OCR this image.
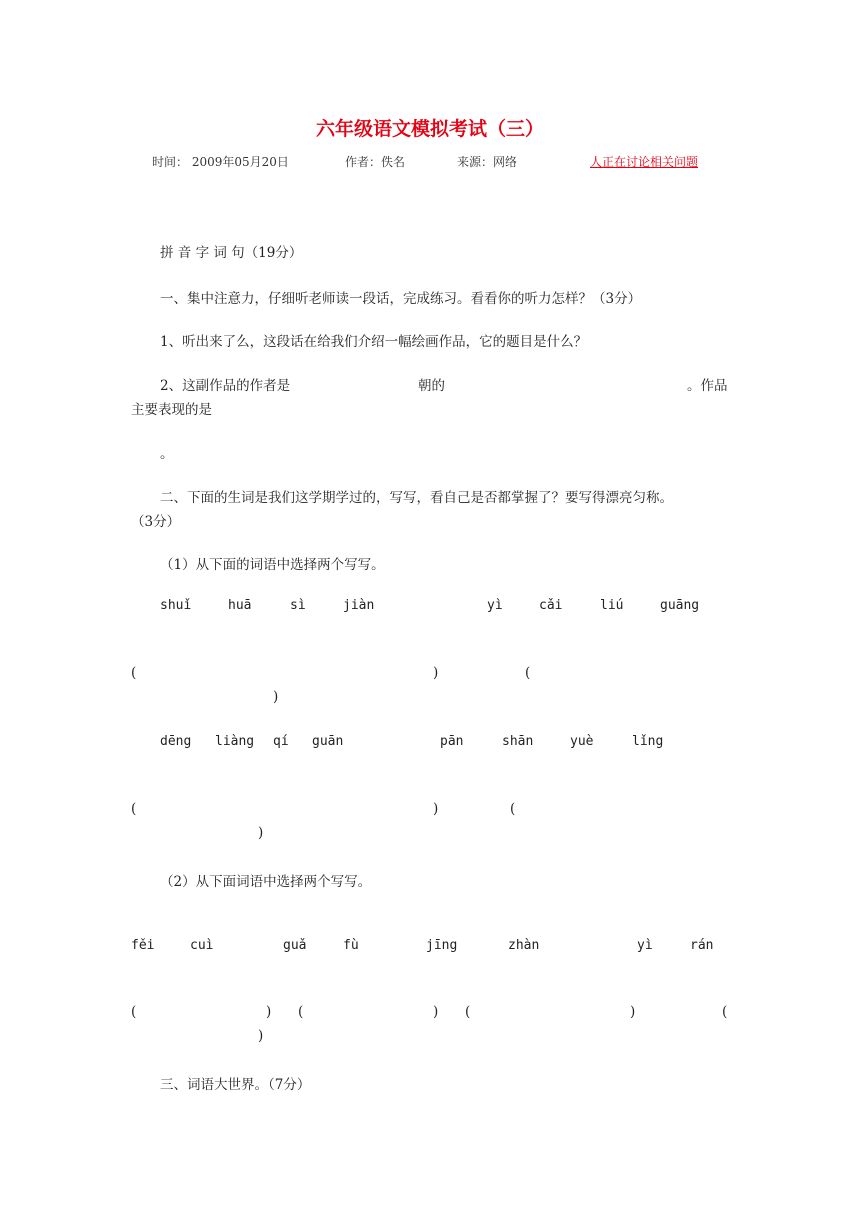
六年级语文模拟考试（三）
时间： 2009年05月20日	作者：佚名	来源：网络	人正在讨论相关问题
拼 音 字 词 句（19分）
一、集中注意力，仔细听老师读一段话，完成练习。看看你的听力怎样？（3分）
1、听出来了么，这段话在给我们介绍一幅绘画作品，它的题目是什么？
2、这副作品的作者是	朝的	。作品
主要表现的是
。
二、下面的生词是我们这学期学过的，写写，看自己是否都掌握了？要写得漂亮匀称。
（3分）
（1）从下面的词语中选择两个写写。
shuǐ	huā	sì	jiàn	yì	cǎi	liú	guāng
(	)	(
)
dēng liàng qí guān	pān	shān	yuè	lǐng
(	)	(
)
（2）从下面词语中选择两个写写。
fěi	cuì	guǎ	fù	jīng	zhàn	yì	rán
(	) (	) (	)	(
)
三、词语大世界。（7分）
